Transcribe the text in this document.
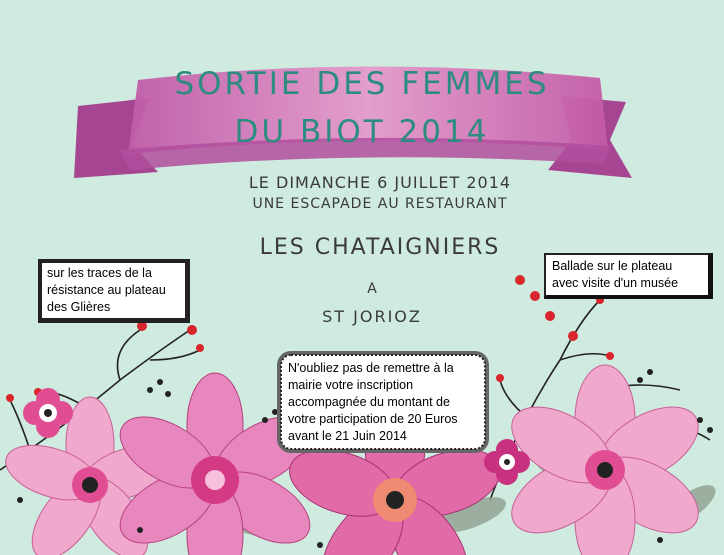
SORTIE DES FEMMES
DU BIOT 2014
LE DIMANCHE 6 JUILLET 2014
UNE ESCAPADE AU RESTAURANT
LES CHATAIGNIERS
A
ST JORIOZ
sur les traces de la
résistance au plateau
des Glières
Ballade sur le plateau
avec visite d'un musée
N'oubliez pas de remettre à la
mairie votre inscription
accompagnée du montant de
votre participation de 20 Euros
avant le 21 Juin 2014
